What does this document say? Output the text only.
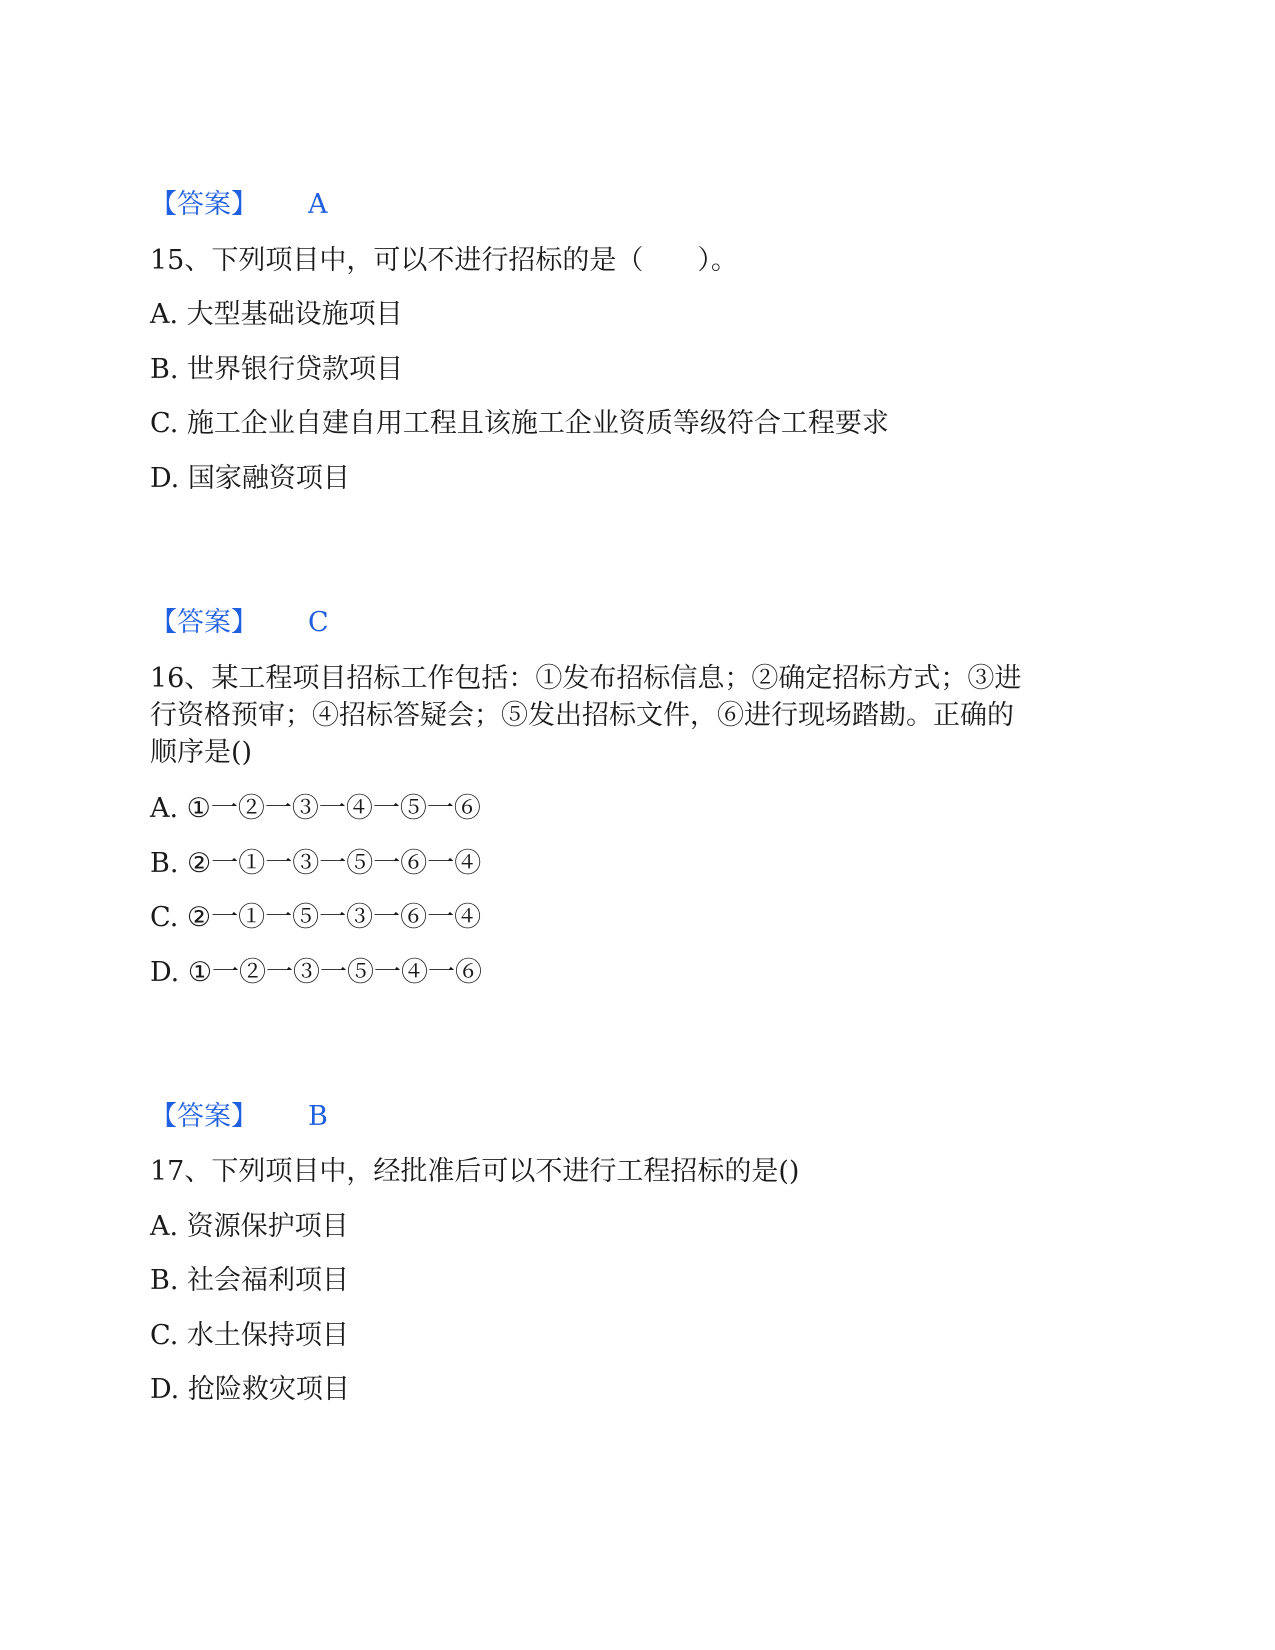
【答案】 A
15、下列项目中，可以不进行招标的是（　　）。
A. 大型基础设施项目
B. 世界银行贷款项目
C. 施工企业自建自用工程且该施工企业资质等级符合工程要求
D. 国家融资项目
【答案】 C
16、某工程项目招标工作包括：①发布招标信息；②确定招标方式；③进
行资格预审；④招标答疑会；⑤发出招标文件，⑥进行现场踏勘。正确的
顺序是()
A. ①一②一③一④一⑤一⑥
B. ②一①一③一⑤一⑥一④
C. ②一①一⑤一③一⑥一④
D. ①一②一③一⑤一④一⑥
【答案】 B
17、下列项目中，经批准后可以不进行工程招标的是()
A. 资源保护项目
B. 社会福利项目
C. 水土保持项目
D. 抢险救灾项目
